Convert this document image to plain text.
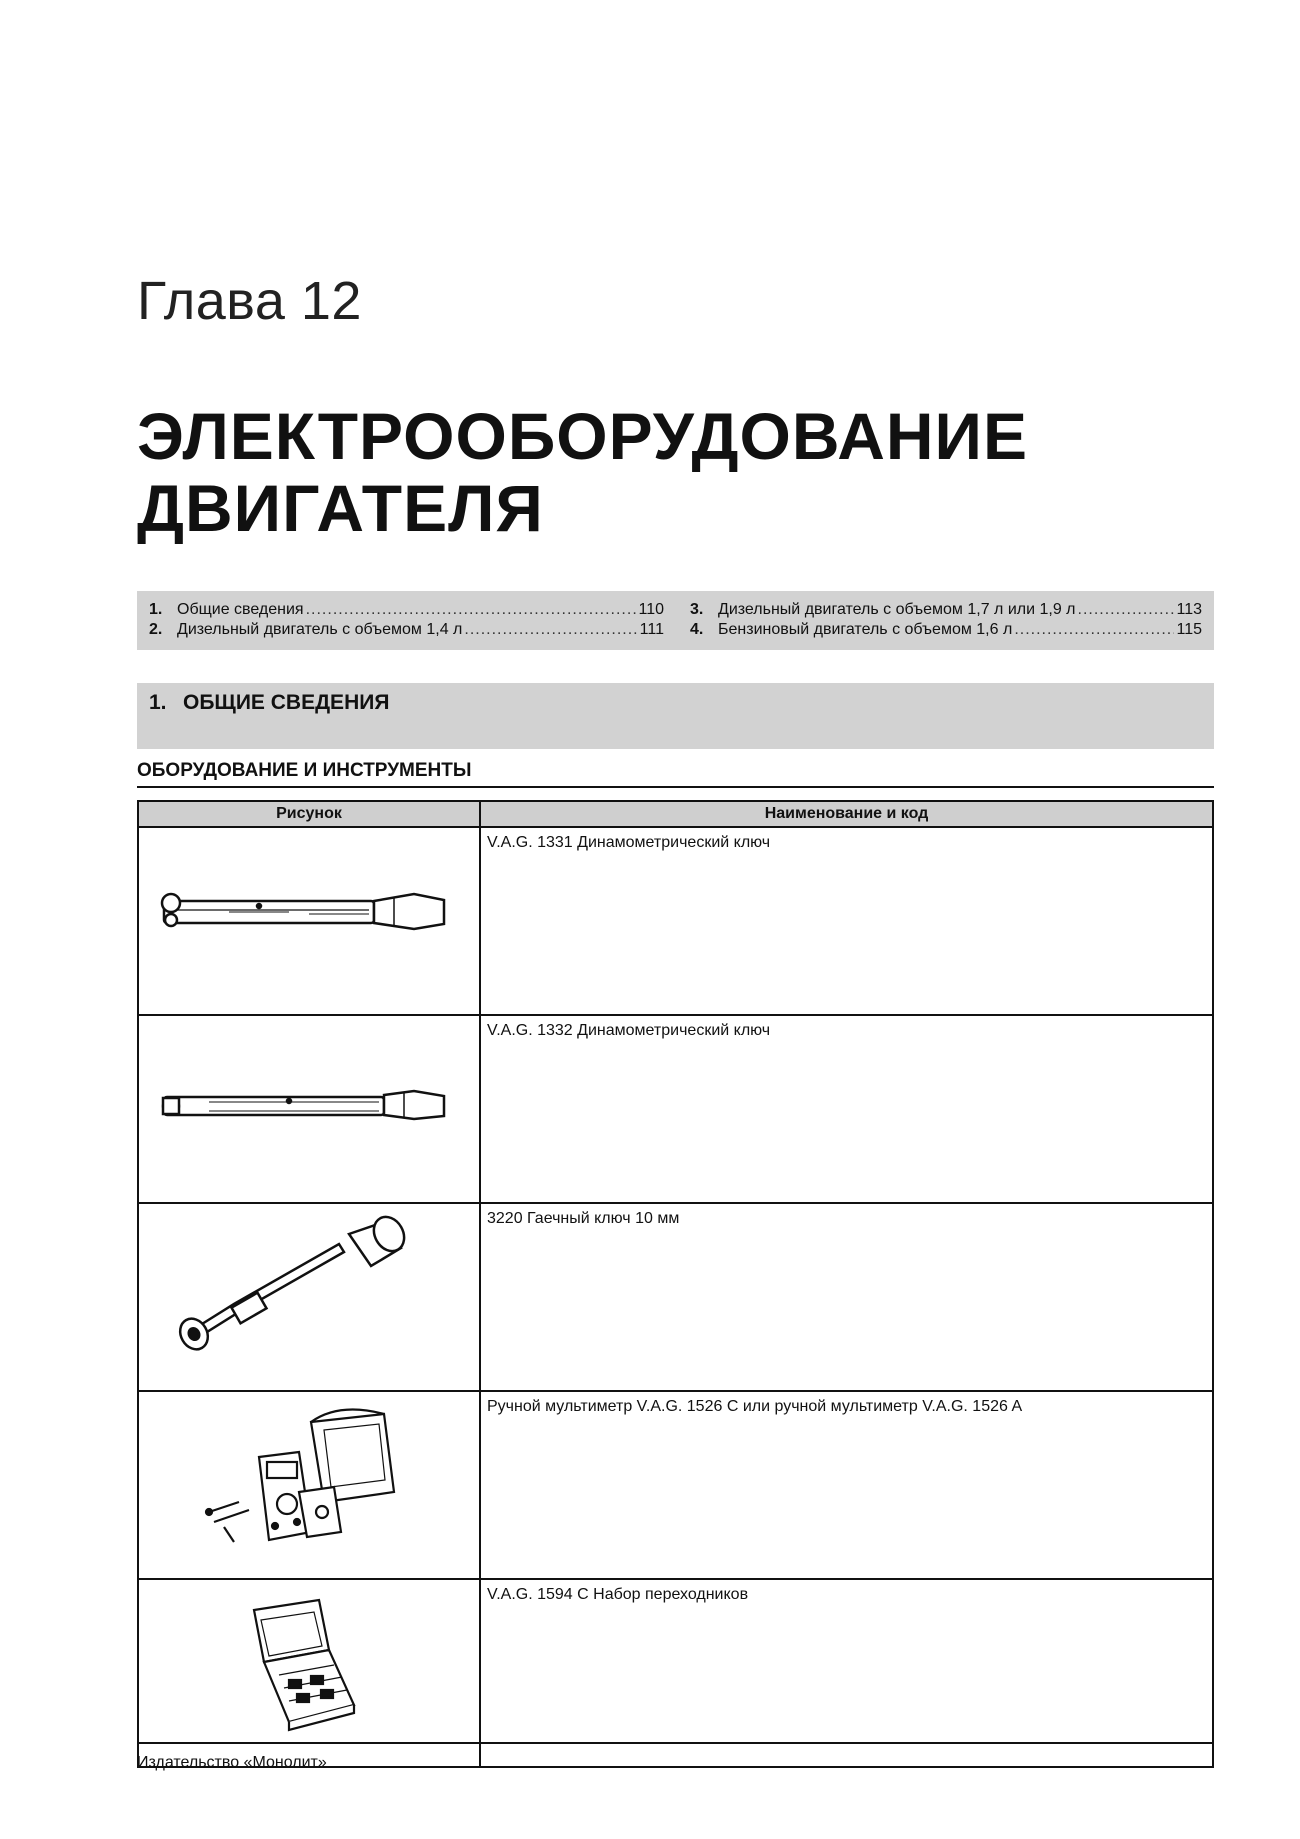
Глава 12
ЭЛЕКТРООБОРУДОВАНИЕ
ДВИГАТЕЛЯ
1. Общие сведения .....	110
2. Дизельный двигатель с объемом 1,4 л .....	111
3. Дизельный двигатель с объемом 1,7 л или 1,9 л .....	113
4. Бензиновый двигатель с объемом 1,6 л .....	115
1. ОБЩИЕ СВЕДЕНИЯ
ОБОРУДОВАНИЕ И ИНСТРУМЕНТЫ
Рисунок	Наименование и код

	V.A.G. 1331 Динамометрический ключ

	V.A.G. 1332 Динамометрический ключ

	3220 Гаечный ключ 10 мм

	Ручной мультиметр V.A.G. 1526 C или ручной мультиметр V.A.G. 1526 A

	V.A.G. 1594 C Набор переходников
Издательство «Монолит»
